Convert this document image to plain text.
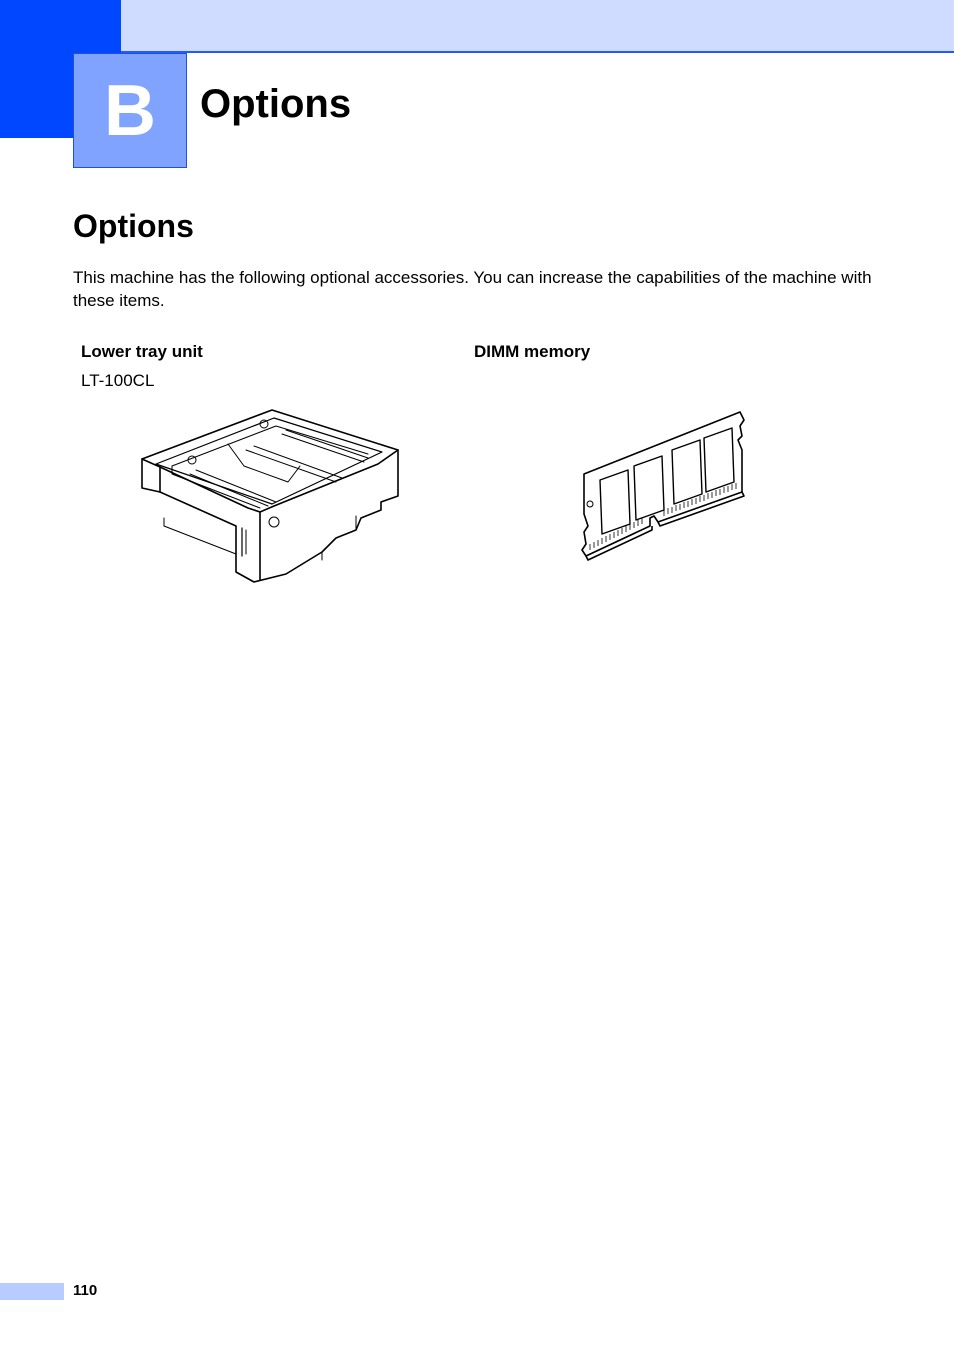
B Options
Options
This machine has the following optional accessories. You can increase the capabilities of the machine with these items.
Lower tray unit
LT-100CL
DIMM memory
110
